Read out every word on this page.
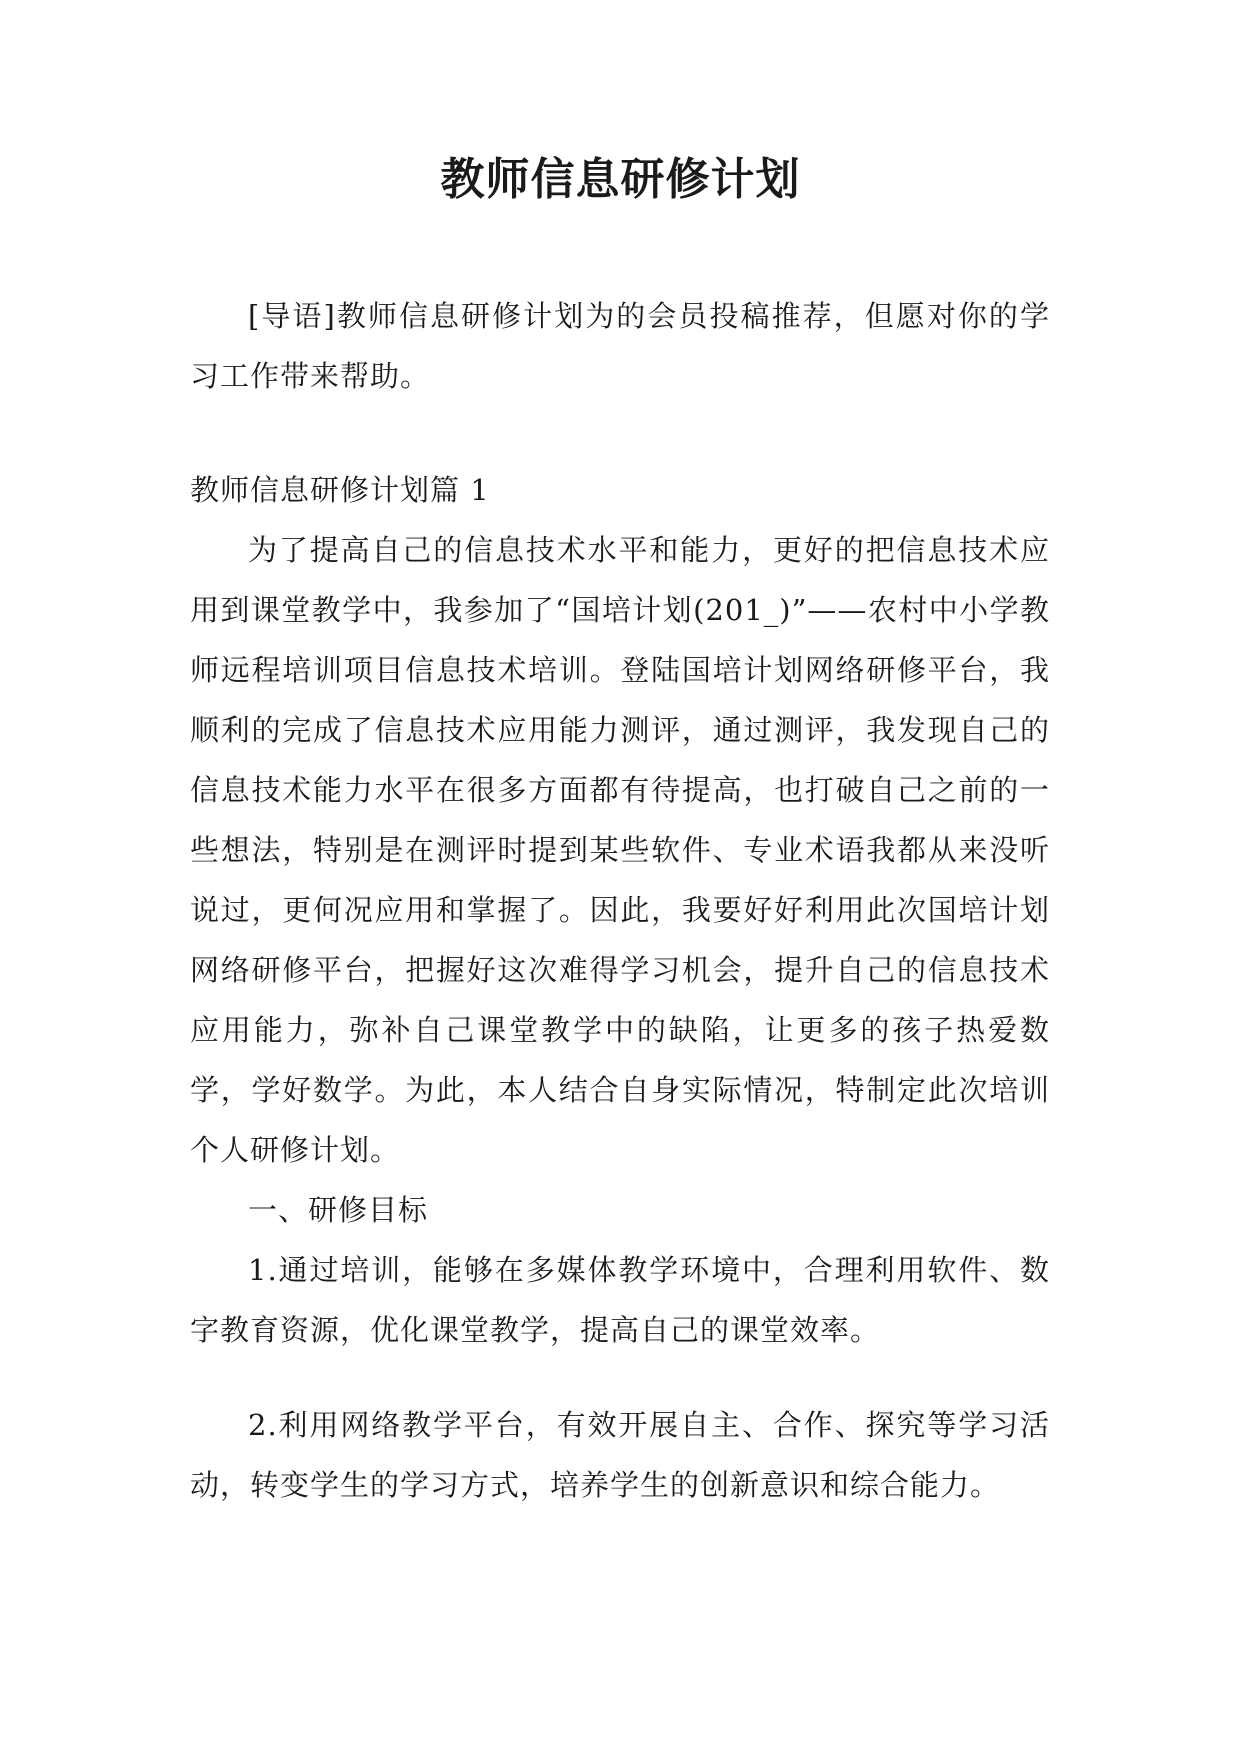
教师信息研修计划

[导语]教师信息研修计划为的会员投稿推荐，但愿对你的学习工作带来帮助。

教师信息研修计划篇 1

为了提高自己的信息技术水平和能力，更好的把信息技术应用到课堂教学中，我参加了“国培计划(201_)”——农村中小学教师远程培训项目信息技术培训。登陆国培计划网络研修平台，我顺利的完成了信息技术应用能力测评，通过测评，我发现自己的信息技术能力水平在很多方面都有待提高，也打破自己之前的一些想法，特别是在测评时提到某些软件、专业术语我都从来没听说过，更何况应用和掌握了。因此，我要好好利用此次国培计划网络研修平台，把握好这次难得学习机会，提升自己的信息技术应用能力，弥补自己课堂教学中的缺陷，让更多的孩子热爱数学，学好数学。为此，本人结合自身实际情况，特制定此次培训个人研修计划。

一、研修目标

1.通过培训，能够在多媒体教学环境中，合理利用软件、数字教育资源，优化课堂教学，提高自己的课堂效率。

2.利用网络教学平台，有效开展自主、合作、探究等学习活动，转变学生的学习方式，培养学生的创新意识和综合能力。
